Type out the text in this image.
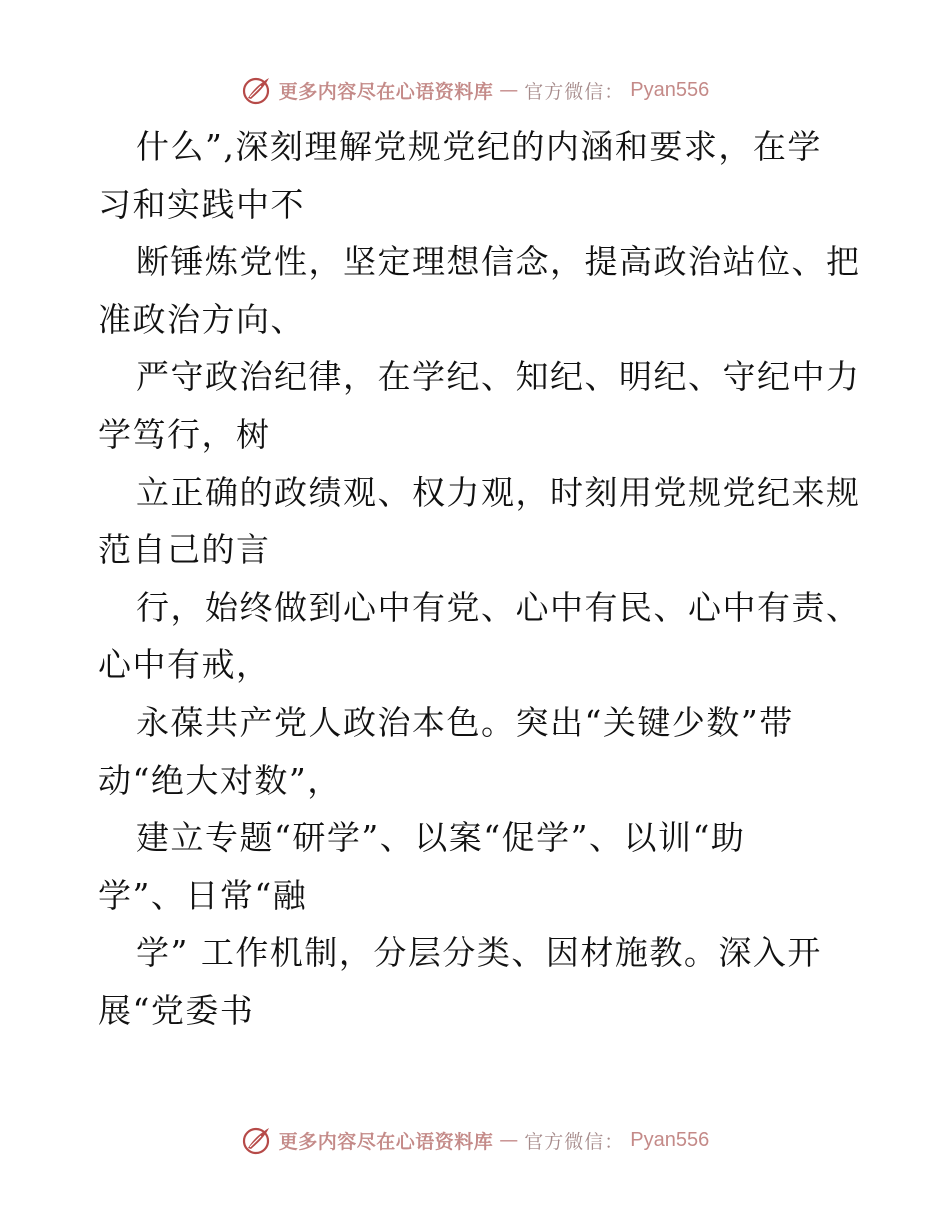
更多内容尽在心语资料库 — 官方微信： Pyan556
什么”,深刻理解党规党纪的内涵和要求，在学
习和实践中不
断锤炼党性，坚定理想信念，提高政治站位、把
准政治方向、
严守政治纪律，在学纪、知纪、明纪、守纪中力
学笃行，树
立正确的政绩观、权力观，时刻用党规党纪来规
范自己的言
行，始终做到心中有党、心中有民、心中有责、
心中有戒，
永葆共产党人政治本色。突出“关键少数”带
动“绝大对数”，
建立专题“研学”、以案“促学”、以训“助
学”、日常“融
学” 工作机制，分层分类、因材施教。深入开
展“党委书
更多内容尽在心语资料库 — 官方微信： Pyan556
